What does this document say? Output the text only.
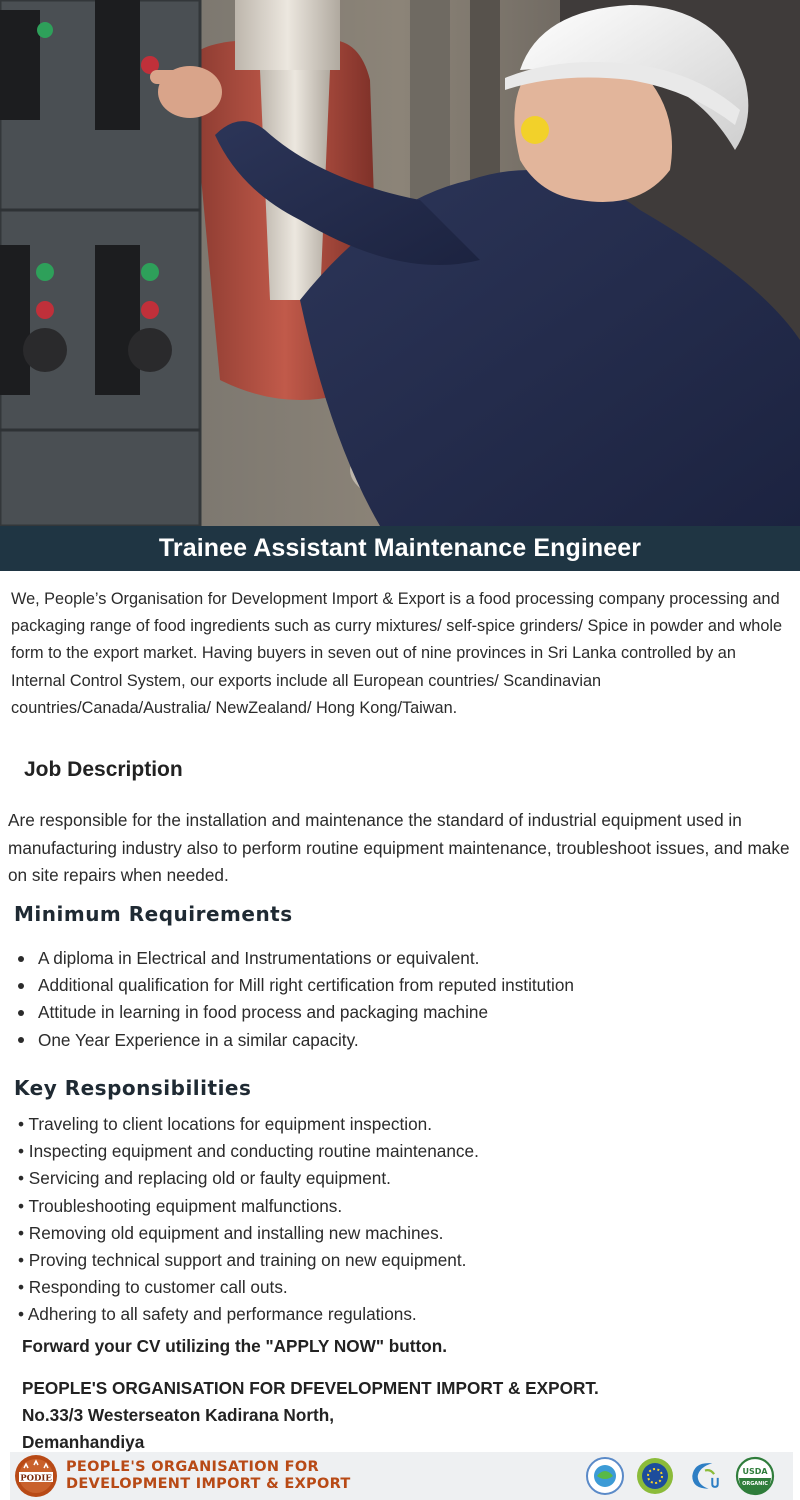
Trainee Assistant Maintenance Engineer

We, People’s Organisation for Development Import & Export is a food processing company processing and packaging range of food ingredients such as curry mixtures/ self-spice grinders/ Spice in powder and whole form to the export market. Having buyers in seven out of nine provinces in Sri Lanka controlled by an Internal Control System, our exports include all European countries/ Scandinavian countries/Canada/Australia/ NewZealand/ Hong Kong/Taiwan.

Job Description

Are responsible for the installation and maintenance the standard of industrial equipment used in manufacturing industry also to perform routine equipment maintenance, troubleshoot issues, and make on site repairs when needed.

Minimum Requirements
A diploma in Electrical and Instrumentations or equivalent.
Additional qualification for Mill right certification from reputed institution
Attitude in learning in food process and packaging machine
One Year Experience in a similar capacity.
Key Responsibilities
• Traveling to client locations for equipment inspection.
• Inspecting equipment and conducting routine maintenance.
• Servicing and replacing old or faulty equipment.
• Troubleshooting equipment malfunctions.
• Removing old equipment and installing new machines.
• Proving technical support and training on new equipment.
• Responding to customer call outs.
• Adhering to all safety and performance regulations.

Forward your CV utilizing the "APPLY NOW" button.

PEOPLE'S ORGANISATION FOR DFEVELOPMENT IMPORT & EXPORT.
No.33/3 Westerseaton Kadirana North,
Demanhandiya
PODIE
PEOPLE'S ORGANISATION FOR
DEVELOPMENT IMPORT & EXPORT
USDA
ORGANIC
